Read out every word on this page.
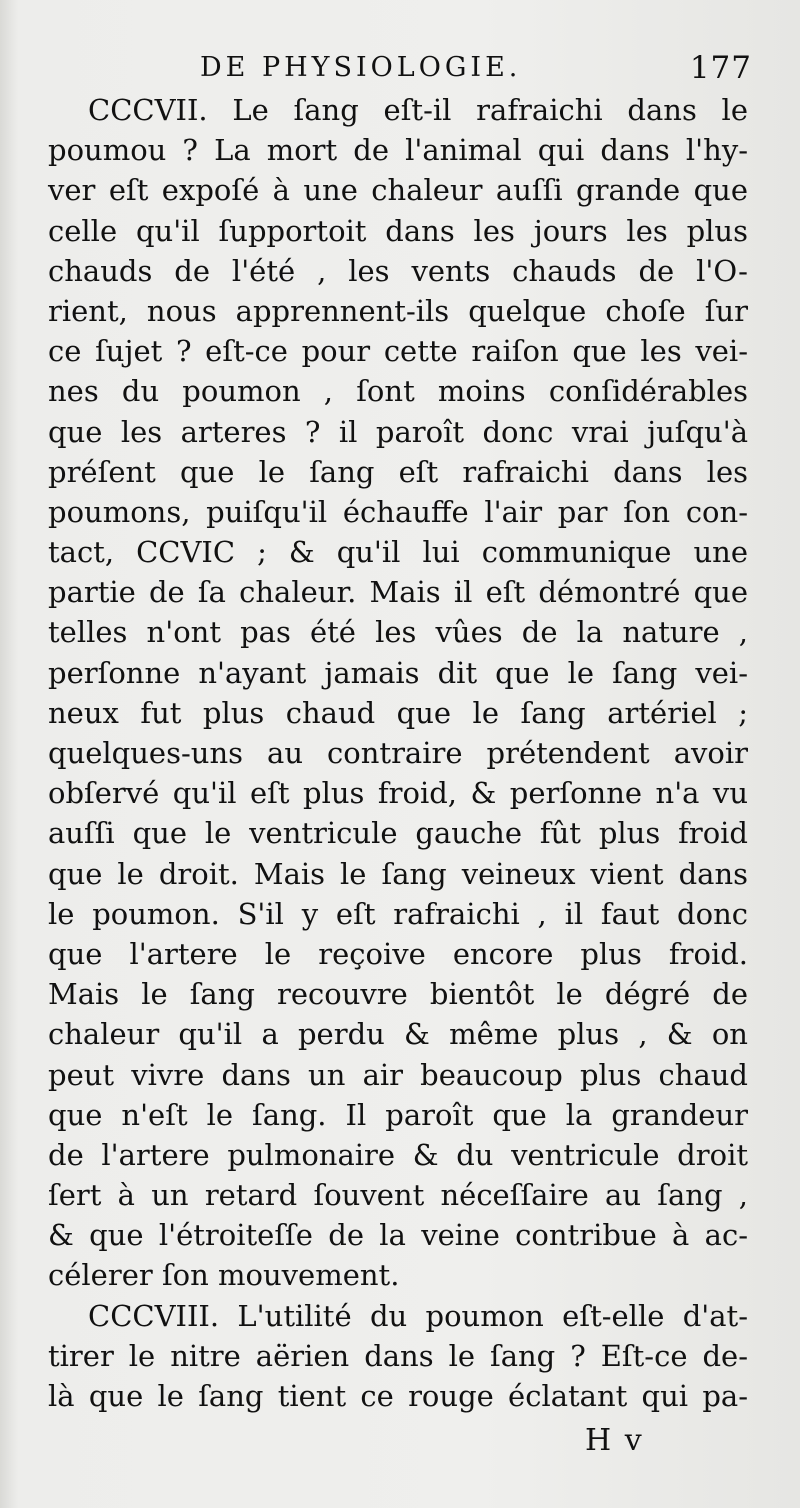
DE PHYSIOLOGIE.	177
CCCVII. Le ſang eſt-il rafraichi dans le
poumou ? La mort de l'animal qui dans l'hy-
ver eſt expoſé à une chaleur auſſi grande que
celle qu'il ſupportoit dans les jours les plus
chauds de l'été , les vents chauds de l'O-
rient, nous apprennent-ils quelque choſe ſur
ce ſujet ? eſt-ce pour cette raiſon que les vei-
nes du poumon , ſont moins conſidérables
que les arteres ? il paroît donc vrai juſqu'à
préſent que le ſang eſt rafraichi dans les
poumons, puiſqu'il échauffe l'air par ſon con-
tact, CCVIC ; & qu'il lui communique une
partie de ſa chaleur. Mais il eſt démontré que
telles n'ont pas été les vûes de la nature ,
perſonne n'ayant jamais dit que le ſang vei-
neux fut plus chaud que le ſang artériel ;
quelques-uns au contraire prétendent avoir
obſervé qu'il eſt plus froid, & perſonne n'a vu
auſſi que le ventricule gauche fût plus froid
que le droit. Mais le ſang veineux vient dans
le poumon. S'il y eſt rafraichi , il faut donc
que l'artere le reçoive encore plus froid.
Mais le ſang recouvre bientôt le dégré de
chaleur qu'il a perdu & même plus , & on
peut vivre dans un air beaucoup plus chaud
que n'eſt le ſang. Il paroît que la grandeur
de l'artere pulmonaire & du ventricule droit
ſert à un retard ſouvent néceſſaire au ſang ,
& que l'étroiteſſe de la veine contribue à ac-
célerer ſon mouvement.
CCCVIII. L'utilité du poumon eſt-elle d'at-
tirer le nitre aërien dans le ſang ? Eſt-ce de-
là que le ſang tient ce rouge éclatant qui pa-
H v
